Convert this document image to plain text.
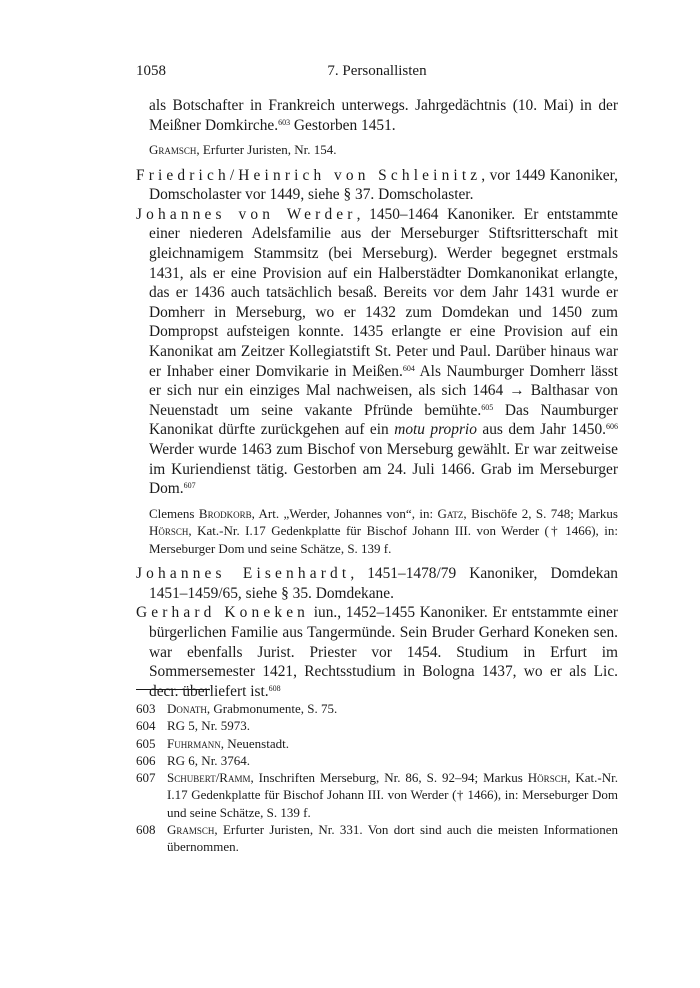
1058	7. Personallisten

als Botschafter in Frankreich unterwegs. Jahrgedächtnis (10. Mai) in der Meißner Domkirche.$^{603}$ Gestorben 1451.

Gramsch, Erfurter Juristen, Nr. 154.

Friedrich/Heinrich von Schleinitz, vor 1449 Kanoniker, Domscholaster vor 1449, siehe § 37. Domscholaster.

Johannes von Werder, 1450–1464 Kanoniker. Er entstammte einer niederen Adelsfamilie aus der Merseburger Stiftsritterschaft mit gleichnamigem Stammsitz (bei Merseburg). Werder begegnet erstmals 1431, als er eine Provision auf ein Halberstädter Domkanonikat erlangte, das er 1436 auch tatsächlich besaß. Bereits vor dem Jahr 1431 wurde er Domherr in Merseburg, wo er 1432 zum Domdekan und 1450 zum Dompropst aufsteigen konnte. 1435 erlangte er eine Provision auf ein Kanonikat am Zeitzer Kollegiatstift St. Peter und Paul. Darüber hinaus war er Inhaber einer Domvikarie in Meißen.$^{604}$ Als Naumburger Domherr lässt er sich nur ein einziges Mal nachweisen, als sich 1464 → Balthasar von Neuenstadt um seine vakante Pfründe bemühte.$^{605}$ Das Naumburger Kanonikat dürfte zurückgehen auf ein motu proprio aus dem Jahr 1450.$^{606}$ Werder wurde 1463 zum Bischof von Merseburg gewählt. Er war zeitweise im Kuriendienst tätig. Gestorben am 24. Juli 1466. Grab im Merseburger Dom.$^{607}$

Clemens Brodkorb, Art. „Werder, Johannes von“, in: Gatz, Bischöfe 2, S. 748; Markus Hörsch, Kat.-Nr. I.17 Gedenkplatte für Bischof Johann III. von Werder († 1466), in: Merseburger Dom und seine Schätze, S. 139 f.

Johannes Eisenhardt, 1451–1478/79 Kanoniker, Domdekan 1451–1459/65, siehe § 35. Domdekane.

Gerhard Koneken iun., 1452–1455 Kanoniker. Er entstammte einer bürgerlichen Familie aus Tangermünde. Sein Bruder Gerhard Koneken sen. war ebenfalls Jurist. Priester vor 1454. Studium in Erfurt im Sommersemester 1421, Rechtsstudium in Bologna 1437, wo er als Lic. decr. überliefert ist.$^{608}$

603 Donath, Grabmonumente, S. 75.
604 RG 5, Nr. 5973.
605 Fuhrmann, Neuenstadt.
606 RG 6, Nr. 3764.
607 Schubert/Ramm, Inschriften Merseburg, Nr. 86, S. 92–94; Markus Hörsch, Kat.-Nr. I.17 Gedenkplatte für Bischof Johann III. von Werder († 1466), in: Merseburger Dom und seine Schätze, S. 139 f.
608 Gramsch, Erfurter Juristen, Nr. 331. Von dort sind auch die meisten Informationen übernommen.
